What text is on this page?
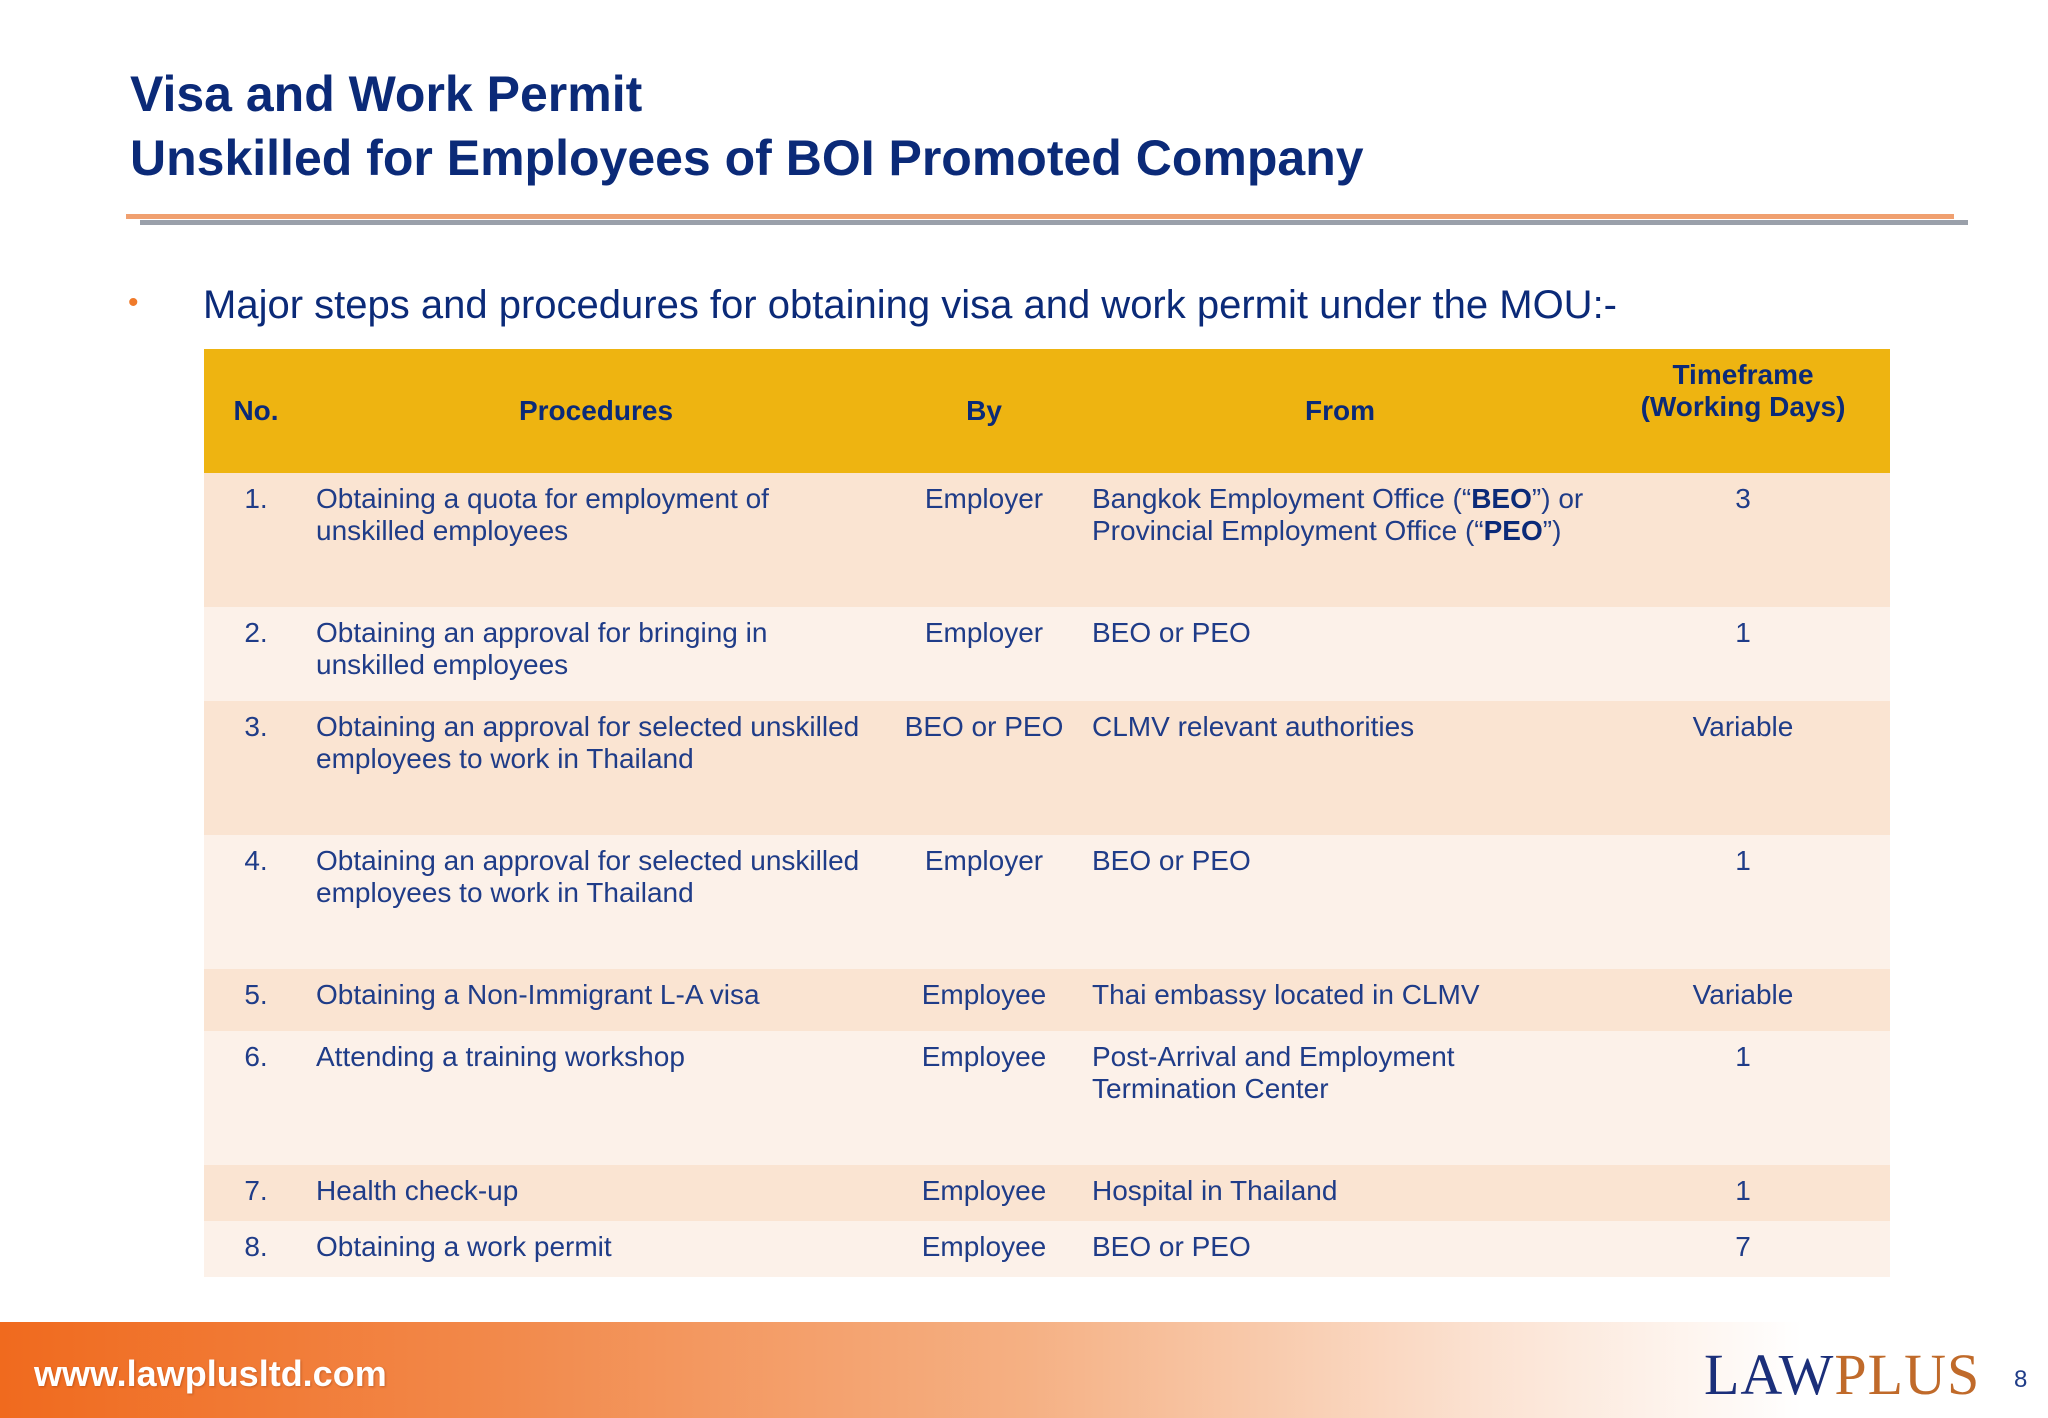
Visa and Work Permit
Unskilled for Employees of BOI Promoted Company
• Major steps and procedures for obtaining visa and work permit under the MOU:-
No.	Procedures	By	From	Timeframe
(Working Days)

1.	Obtaining a quota for employment of unskilled employees	Employer	Bangkok Employment Office (“BEO”) or Provincial Employment Office (“PEO”)	3
2.	Obtaining an approval for bringing in unskilled employees	Employer	BEO or PEO	1
3.	Obtaining an approval for selected unskilled employees to work in Thailand	BEO or PEO	CLMV relevant authorities	Variable
4.	Obtaining an approval for selected unskilled employees to work in Thailand	Employer	BEO or PEO	1
5.	Obtaining a Non-Immigrant L-A visa	Employee	Thai embassy located in CLMV	Variable
6.	Attending a training workshop	Employee	Post-Arrival and Employment Termination Center	1
7.	Health check-up	Employee	Hospital in Thailand	1
8.	Obtaining a work permit	Employee	BEO or PEO	7
www.lawplusltd.com	LAWPLUS 8
